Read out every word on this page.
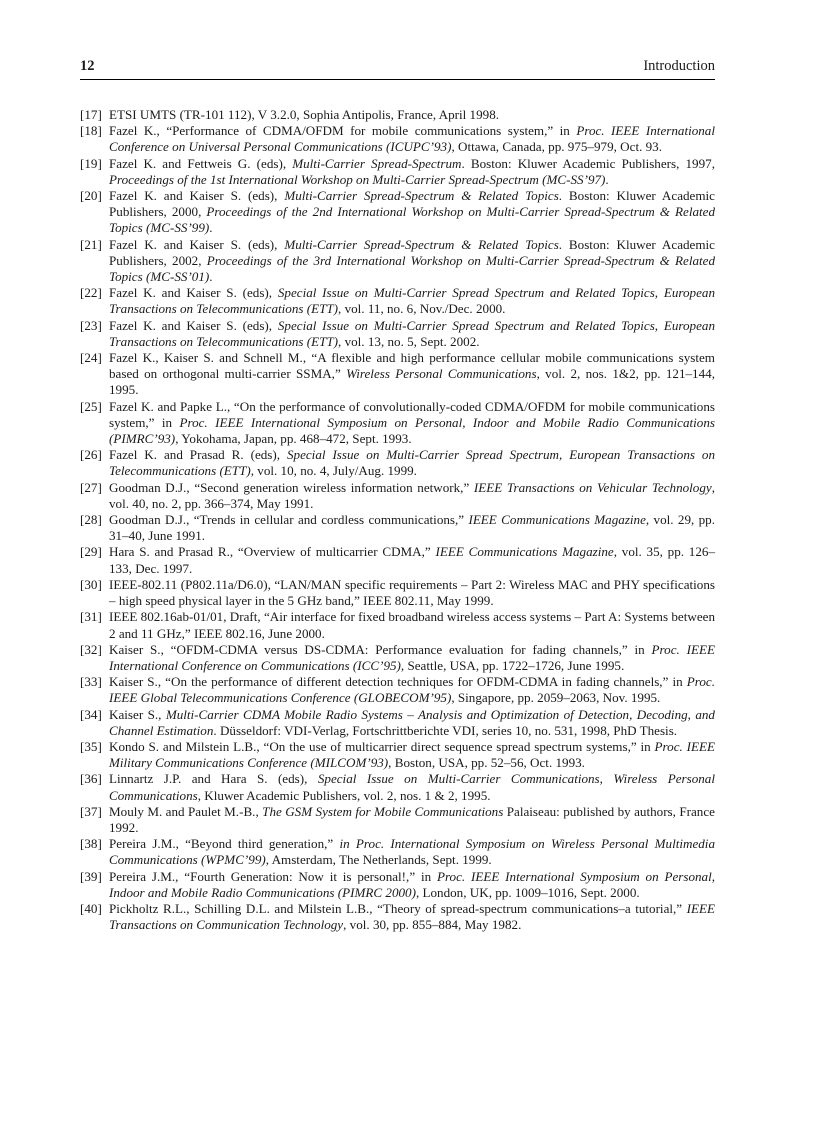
12	Introduction
[17] ETSI UMTS (TR-101 112), V 3.2.0, Sophia Antipolis, France, April 1998.
[18] Fazel K., “Performance of CDMA/OFDM for mobile communications system,” in Proc. IEEE International Conference on Universal Personal Communications (ICUPC’93), Ottawa, Canada, pp. 975–979, Oct. 93.
[19] Fazel K. and Fettweis G. (eds), Multi-Carrier Spread-Spectrum. Boston: Kluwer Academic Publishers, 1997, Proceedings of the 1st International Workshop on Multi-Carrier Spread-Spectrum (MC-SS’97).
[20] Fazel K. and Kaiser S. (eds), Multi-Carrier Spread-Spectrum & Related Topics. Boston: Kluwer Academic Publishers, 2000, Proceedings of the 2nd International Workshop on Multi-Carrier Spread-Spectrum & Related Topics (MC-SS’99).
[21] Fazel K. and Kaiser S. (eds), Multi-Carrier Spread-Spectrum & Related Topics. Boston: Kluwer Academic Publishers, 2002, Proceedings of the 3rd International Workshop on Multi-Carrier Spread-Spectrum & Related Topics (MC-SS’01).
[22] Fazel K. and Kaiser S. (eds), Special Issue on Multi-Carrier Spread Spectrum and Related Topics, European Transactions on Telecommunications (ETT), vol. 11, no. 6, Nov./Dec. 2000.
[23] Fazel K. and Kaiser S. (eds), Special Issue on Multi-Carrier Spread Spectrum and Related Topics, European Transactions on Telecommunications (ETT), vol. 13, no. 5, Sept. 2002.
[24] Fazel K., Kaiser S. and Schnell M., “A flexible and high performance cellular mobile communications system based on orthogonal multi-carrier SSMA,” Wireless Personal Communications, vol. 2, nos. 1&2, pp. 121–144, 1995.
[25] Fazel K. and Papke L., “On the performance of convolutionally-coded CDMA/OFDM for mobile communications system,” in Proc. IEEE International Symposium on Personal, Indoor and Mobile Radio Communications (PIMRC’93), Yokohama, Japan, pp. 468–472, Sept. 1993.
[26] Fazel K. and Prasad R. (eds), Special Issue on Multi-Carrier Spread Spectrum, European Transactions on Telecommunications (ETT), vol. 10, no. 4, July/Aug. 1999.
[27] Goodman D.J., “Second generation wireless information network,” IEEE Transactions on Vehicular Technology, vol. 40, no. 2, pp. 366–374, May 1991.
[28] Goodman D.J., “Trends in cellular and cordless communications,” IEEE Communications Magazine, vol. 29, pp. 31–40, June 1991.
[29] Hara S. and Prasad R., “Overview of multicarrier CDMA,” IEEE Communications Magazine, vol. 35, pp. 126–133, Dec. 1997.
[30] IEEE-802.11 (P802.11a/D6.0), “LAN/MAN specific requirements – Part 2: Wireless MAC and PHY specifications – high speed physical layer in the 5 GHz band,” IEEE 802.11, May 1999.
[31] IEEE 802.16ab-01/01, Draft, “Air interface for fixed broadband wireless access systems – Part A: Systems between 2 and 11 GHz,” IEEE 802.16, June 2000.
[32] Kaiser S., “OFDM-CDMA versus DS-CDMA: Performance evaluation for fading channels,” in Proc. IEEE International Conference on Communications (ICC’95), Seattle, USA, pp. 1722–1726, June 1995.
[33] Kaiser S., “On the performance of different detection techniques for OFDM-CDMA in fading channels,” in Proc. IEEE Global Telecommunications Conference (GLOBECOM’95), Singapore, pp. 2059–2063, Nov. 1995.
[34] Kaiser S., Multi-Carrier CDMA Mobile Radio Systems – Analysis and Optimization of Detection, Decoding, and Channel Estimation. Düsseldorf: VDI-Verlag, Fortschrittberichte VDI, series 10, no. 531, 1998, PhD Thesis.
[35] Kondo S. and Milstein L.B., “On the use of multicarrier direct sequence spread spectrum systems,” in Proc. IEEE Military Communications Conference (MILCOM’93), Boston, USA, pp. 52–56, Oct. 1993.
[36] Linnartz J.P. and Hara S. (eds), Special Issue on Multi-Carrier Communications, Wireless Personal Communications, Kluwer Academic Publishers, vol. 2, nos. 1 & 2, 1995.
[37] Mouly M. and Paulet M.-B., The GSM System for Mobile Communications Palaiseau: published by authors, France 1992.
[38] Pereira J.M., “Beyond third generation,” in Proc. International Symposium on Wireless Personal Multimedia Communications (WPMC’99), Amsterdam, The Netherlands, Sept. 1999.
[39] Pereira J.M., “Fourth Generation: Now it is personal!,” in Proc. IEEE International Symposium on Personal, Indoor and Mobile Radio Communications (PIMRC 2000), London, UK, pp. 1009–1016, Sept. 2000.
[40] Pickholtz R.L., Schilling D.L. and Milstein L.B., “Theory of spread-spectrum communications–a tutorial,” IEEE Transactions on Communication Technology, vol. 30, pp. 855–884, May 1982.
